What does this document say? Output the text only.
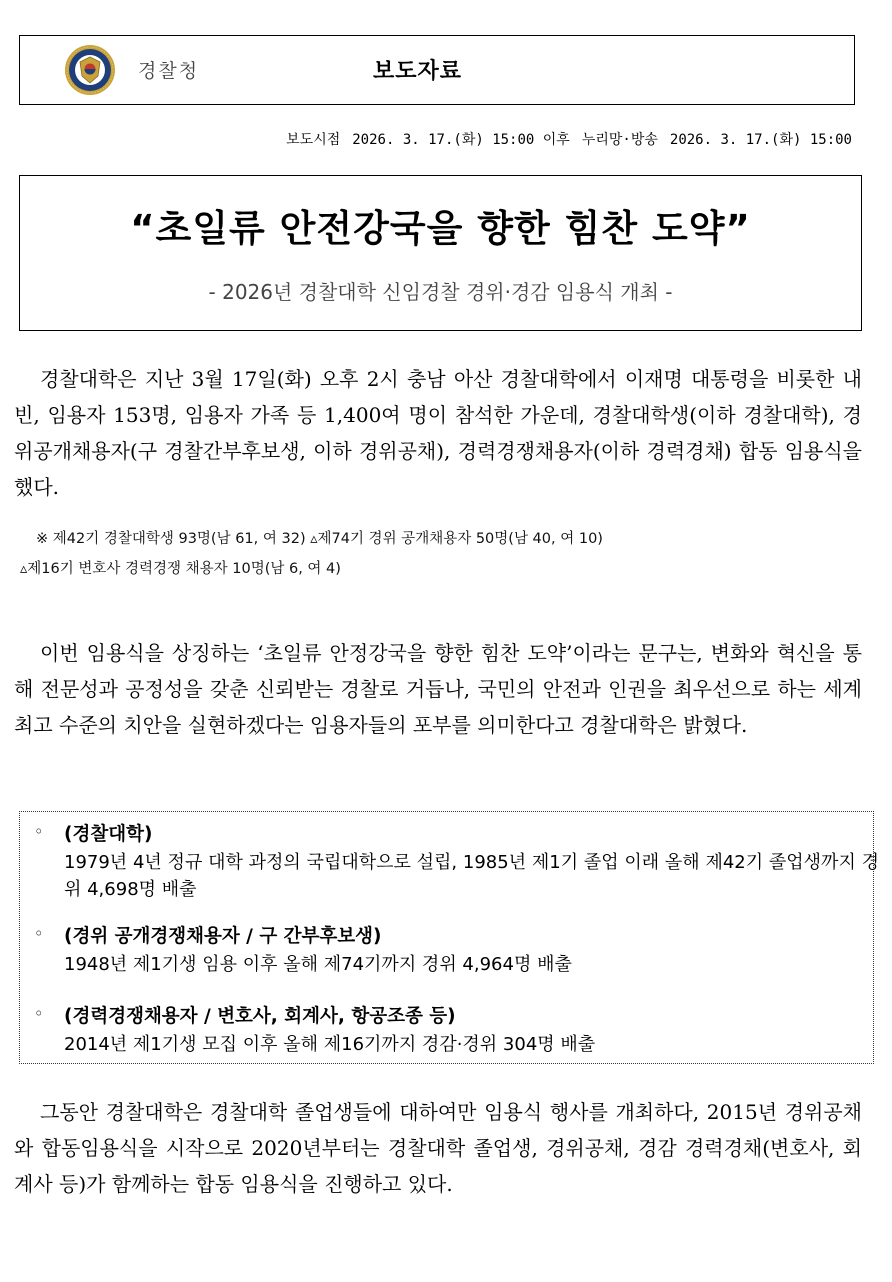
경찰청	보도자료
보도시점 2026. 3. 17.(화) 15:00 이후 누리망·방송 2026. 3. 17.(화) 15:00
“초일류 안전강국을 향한 힘찬 도약”
- 2026년 경찰대학 신임경찰 경위·경감 임용식 개최 -
경찰대학은 지난 3월 17일(화) 오후 2시 충남 아산 경찰대학에서 이재명 대통령을 비롯한 내빈, 임용자 153명, 임용자 가족 등 1,400여 명이 참석한 가운데, 경찰대학생(이하 경찰대학), 경위공개채용자(구 경찰간부후보생, 이하 경위공채), 경력경쟁채용자(이하 경력경채) 합동 임용식을 했다.
※ 제42기 경찰대학생 93명(남 61, 여 32) ▵제74기 경위 공개채용자 50명(남 40, 여 10)
▵제16기 변호사 경력경쟁 채용자 10명(남 6, 여 4)
이번 임용식을 상징하는 ‘초일류 안정강국을 향한 힘찬 도약’이라는 문구는, 변화와 혁신을 통해 전문성과 공정성을 갖춘 신뢰받는 경찰로 거듭나, 국민의 안전과 인권을 최우선으로 하는 세계 최고 수준의 치안을 실현하겠다는 임용자들의 포부를 의미한다고 경찰대학은 밝혔다.
◦ (경찰대학)
1979년 4년 정규 대학 과정의 국립대학으로 설립, 1985년 제1기 졸업 이래 올해 제42기 졸업생까지 경위 4,698명 배출
◦ (경위 공개경쟁채용자 / 구 간부후보생)
1948년 제1기생 임용 이후 올해 제74기까지 경위 4,964명 배출
◦ (경력경쟁채용자 / 변호사, 회계사, 항공조종 등)
2014년 제1기생 모집 이후 올해 제16기까지 경감·경위 304명 배출
그동안 경찰대학은 경찰대학 졸업생들에 대하여만 임용식 행사를 개최하다, 2015년 경위공채와 합동임용식을 시작으로 2020년부터는 경찰대학 졸업생, 경위공채, 경감 경력경채(변호사, 회계사 등)가 함께하는 합동 임용식을 진행하고 있다.
